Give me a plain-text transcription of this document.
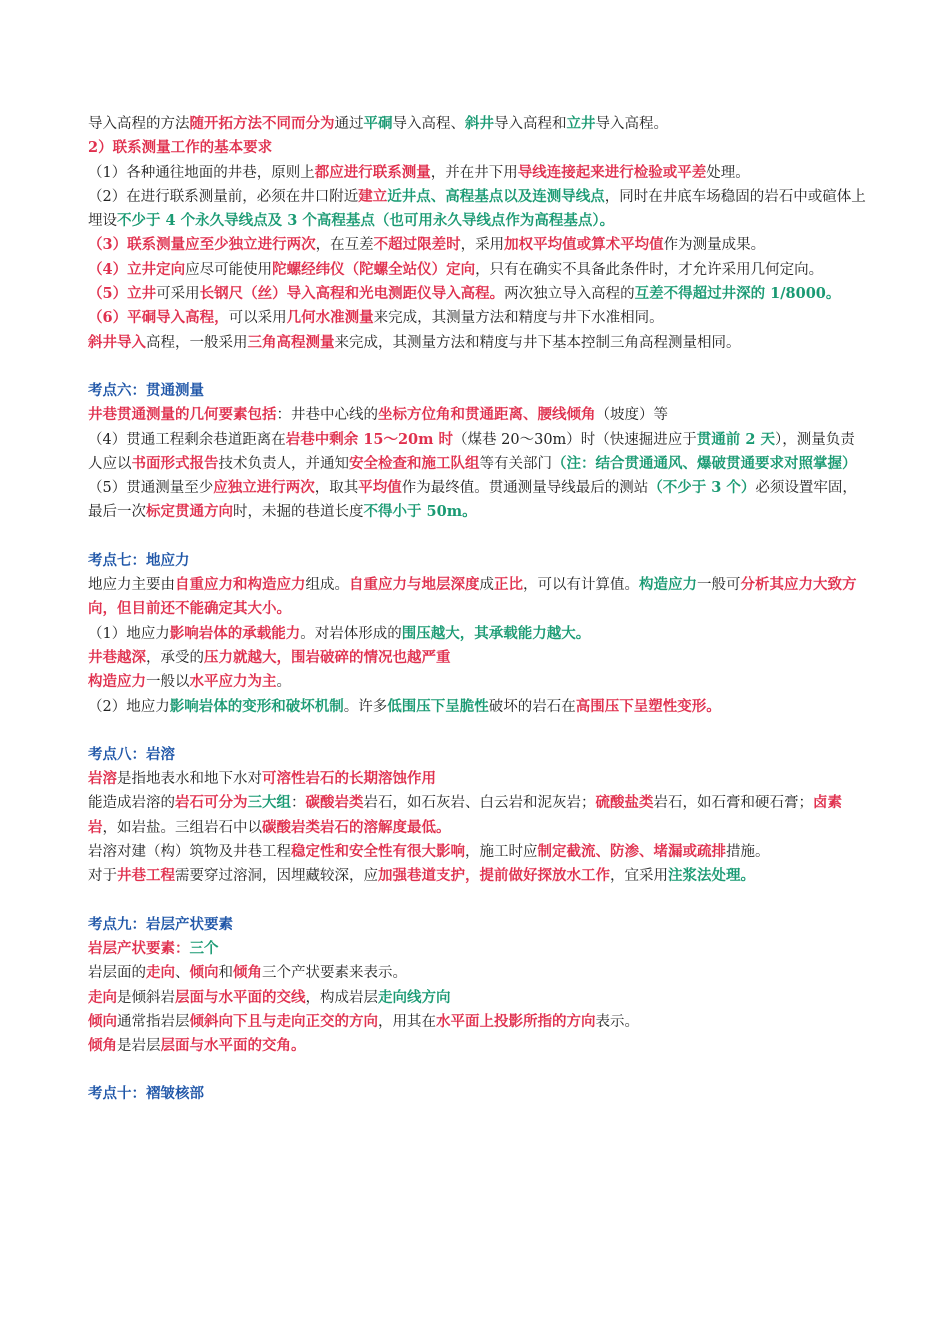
导入高程的方法随开拓方法不同而分为通过平硐导入高程、斜井导入高程和立井导入高程。

2）联系测量工作的基本要求

（1）各种通往地面的井巷，原则上都应进行联系测量，并在井下用导线连接起来进行检验或平差处理。

（2）在进行联系测量前，必须在井口附近建立近井点、高程基点以及连测导线点，同时在井底车场稳固的岩石中或碹体上埋设不少于 4 个永久导线点及 3 个高程基点（也可用永久导线点作为高程基点）。

（3）联系测量应至少独立进行两次，在互差不超过限差时，采用加权平均值或算术平均值作为测量成果。

（4）立井定向应尽可能使用陀螺经纬仪（陀螺全站仪）定向，只有在确实不具备此条件时，才允许采用几何定向。

（5）立井可采用长钢尺（丝）导入高程和光电测距仪导入高程。两次独立导入高程的互差不得超过井深的 1/8000。

（6）平硐导入高程，可以采用几何水准测量来完成，其测量方法和精度与井下水准相同。

斜井导入高程，一般采用三角高程测量来完成，其测量方法和精度与井下基本控制三角高程测量相同。

考点六：贯通测量

井巷贯通测量的几何要素包括：井巷中心线的坐标方位角和贯通距离、腰线倾角（坡度）等

（4）贯通工程剩余巷道距离在岩巷中剩余 15～20m 时（煤巷 20～30m）时（快速掘进应于贯通前 2 天），测量负责人应以书面形式报告技术负责人，并通知安全检查和施工队组等有关部门（注：结合贯通通风、爆破贯通要求对照掌握）

（5）贯通测量至少应独立进行两次，取其平均值作为最终值。贯通测量导线最后的测站（不少于 3 个）必须设置牢固，最后一次标定贯通方向时，未掘的巷道长度不得小于 50m。

考点七：地应力

地应力主要由自重应力和构造应力组成。自重应力与地层深度成正比，可以有计算值。构造应力一般可分析其应力大致方向，但目前还不能确定其大小。

（1）地应力影响岩体的承载能力。对岩体形成的围压越大，其承载能力越大。

井巷越深，承受的压力就越大，围岩破碎的情况也越严重

构造应力一般以水平应力为主。

（2）地应力影响岩体的变形和破坏机制。许多低围压下呈脆性破坏的岩石在高围压下呈塑性变形。

考点八：岩溶

岩溶是指地表水和地下水对可溶性岩石的长期溶蚀作用

能造成岩溶的岩石可分为三大组：碳酸岩类岩石，如石灰岩、白云岩和泥灰岩；硫酸盐类岩石，如石膏和硬石膏；卤素岩，如岩盐。三组岩石中以碳酸岩类岩石的溶解度最低。

岩溶对建（构）筑物及井巷工程稳定性和安全性有很大影响，施工时应制定截流、防渗、堵漏或疏排措施。

对于井巷工程需要穿过溶洞，因埋藏较深，应加强巷道支护，提前做好探放水工作，宜采用注浆法处理。

考点九：岩层产状要素

岩层产状要素：三个

岩层面的走向、倾向和倾角三个产状要素来表示。

走向是倾斜岩层面与水平面的交线，构成岩层走向线方向

倾向通常指岩层倾斜向下且与走向正交的方向，用其在水平面上投影所指的方向表示。

倾角是岩层层面与水平面的交角。

考点十：褶皱核部
